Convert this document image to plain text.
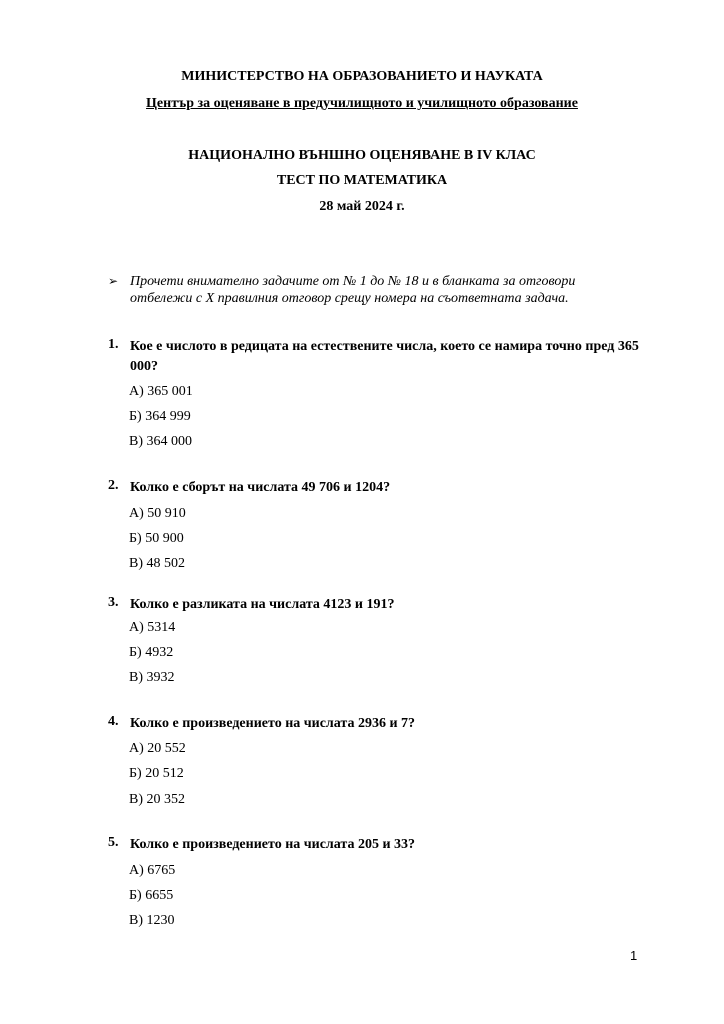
МИНИСТЕРСТВО НА ОБРАЗОВАНИЕТО И НАУКАТА
Център за оценяване в предучилищното и училищното образование
НАЦИОНАЛНО ВЪНШНО ОЦЕНЯВАНЕ В IV КЛАС
ТЕСТ ПО МАТЕМАТИКА
28 май 2024 г.
➢ Прочети внимателно задачите от № 1 до № 18 и в бланката за отговори отбележи с X правилния отговор срещу номера на съответната задача.
1. Кое е числото в редицата на естествените числа, което се намира точно пред 365 000?
А) 365 001
Б) 364 999
В) 364 000
2. Колко е сборът на числата 49 706 и 1204?
А) 50 910
Б) 50 900
В) 48 502
3. Колко е разликата на числата 4123 и 191?
А) 5314
Б) 4932
В) 3932
4. Колко е произведението на числата 2936 и 7?
А) 20 552
Б) 20 512
В) 20 352
5. Колко е произведението на числата 205 и 33?
А) 6765
Б) 6655
В) 1230
1
